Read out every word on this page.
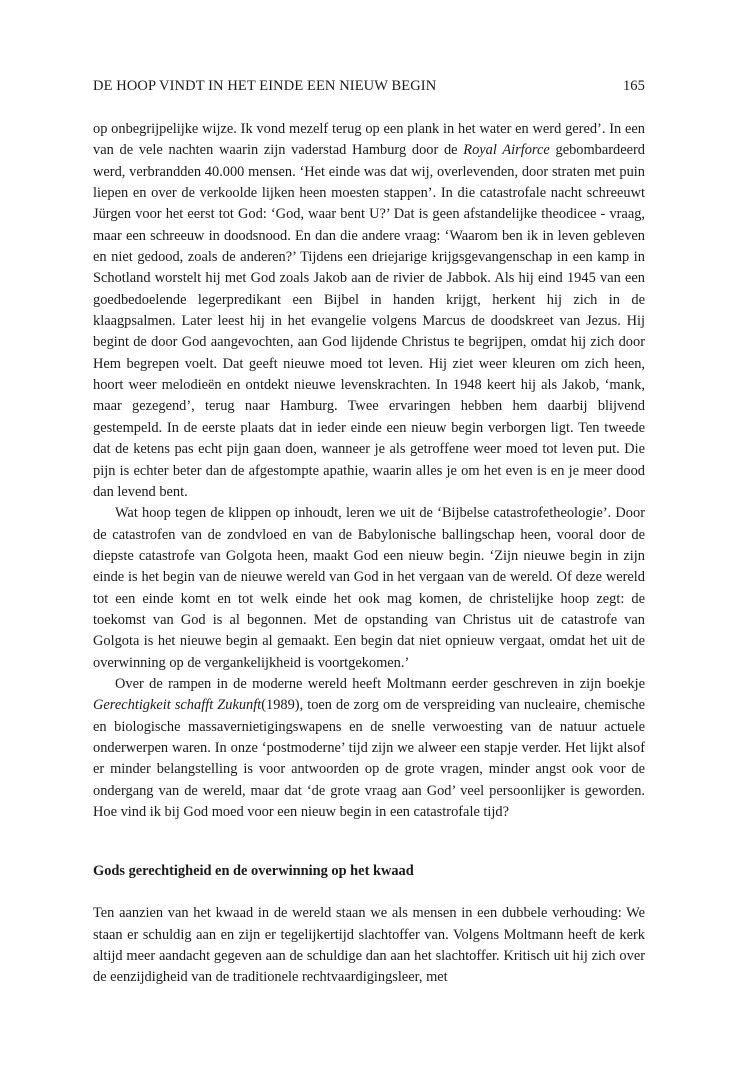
DE HOOP VINDT IN HET EINDE EEN NIEUW BEGIN	165

op onbegrijpelijke wijze. Ik vond mezelf terug op een plank in het water en werd gered’. In een van de vele nachten waarin zijn vaderstad Hamburg door de Royal Airforce gebombardeerd werd, verbrandden 40.000 mensen. ‘Het einde was dat wij, overlevenden, door straten met puin liepen en over de verkoolde lijken heen moesten stappen’. In die catastrofale nacht schreeuwt Jürgen voor het eerst tot God: ‘God, waar bent U?’ Dat is geen afstandelijke theodicee - vraag, maar een schreeuw in doodsnood. En dan die andere vraag: ‘Waarom ben ik in leven gebleven en niet gedood, zoals de anderen?’ Tijdens een driejarige krijgsgevangenschap in een kamp in Schotland worstelt hij met God zoals Jakob aan de rivier de Jabbok. Als hij eind 1945 van een goedbedoelende legerpredikant een Bijbel in handen krijgt, herkent hij zich in de klaagpsalmen. Later leest hij in het evangelie volgens Marcus de doodskreet van Jezus. Hij begint de door God aangevochten, aan God lijdende Christus te begrijpen, omdat hij zich door Hem begrepen voelt. Dat geeft nieuwe moed tot leven. Hij ziet weer kleuren om zich heen, hoort weer melodieën en ontdekt nieuwe levenskrachten. In 1948 keert hij als Jakob, ‘mank, maar gezegend’, terug naar Hamburg. Twee ervaringen hebben hem daarbij blijvend gestempeld. In de eerste plaats dat in ieder einde een nieuw begin verborgen ligt. Ten tweede dat de ketens pas echt pijn gaan doen, wanneer je als getroffene weer moed tot leven put. Die pijn is echter beter dan de afgestompte apathie, waarin alles je om het even is en je meer dood dan levend bent.

Wat hoop tegen de klippen op inhoudt, leren we uit de ‘Bijbelse catastrofetheologie’. Door de catastrofen van de zondvloed en van de Babylonische ballingschap heen, vooral door de diepste catastrofe van Golgota heen, maakt God een nieuw begin. ‘Zijn nieuwe begin in zijn einde is het begin van de nieuwe wereld van God in het vergaan van de wereld. Of deze wereld tot een einde komt en tot welk einde het ook mag komen, de christelijke hoop zegt: de toekomst van God is al begonnen. Met de opstanding van Christus uit de catastrofe van Golgota is het nieuwe begin al gemaakt. Een begin dat niet opnieuw vergaat, omdat het uit de overwinning op de vergankelijkheid is voortgekomen.’

Over de rampen in de moderne wereld heeft Moltmann eerder geschreven in zijn boekje Gerechtigkeit schafft Zukunft(1989), toen de zorg om de verspreiding van nucleaire, chemische en biologische massavernietigingswapens en de snelle verwoesting van de natuur actuele onderwerpen waren. In onze ‘postmoderne’ tijd zijn we alweer een stapje verder. Het lijkt alsof er minder belangstelling is voor antwoorden op de grote vragen, minder angst ook voor de ondergang van de wereld, maar dat ‘de grote vraag aan God’ veel persoonlijker is geworden. Hoe vind ik bij God moed voor een nieuw begin in een catastrofale tijd?

Gods gerechtigheid en de overwinning op het kwaad

Ten aanzien van het kwaad in de wereld staan we als mensen in een dubbele verhouding: We staan er schuldig aan en zijn er tegelijkertijd slachtoffer van. Volgens Moltmann heeft de kerk altijd meer aandacht gegeven aan de schuldige dan aan het slachtoffer. Kritisch uit hij zich over de eenzijdigheid van de traditionele rechtvaardigingsleer, met
